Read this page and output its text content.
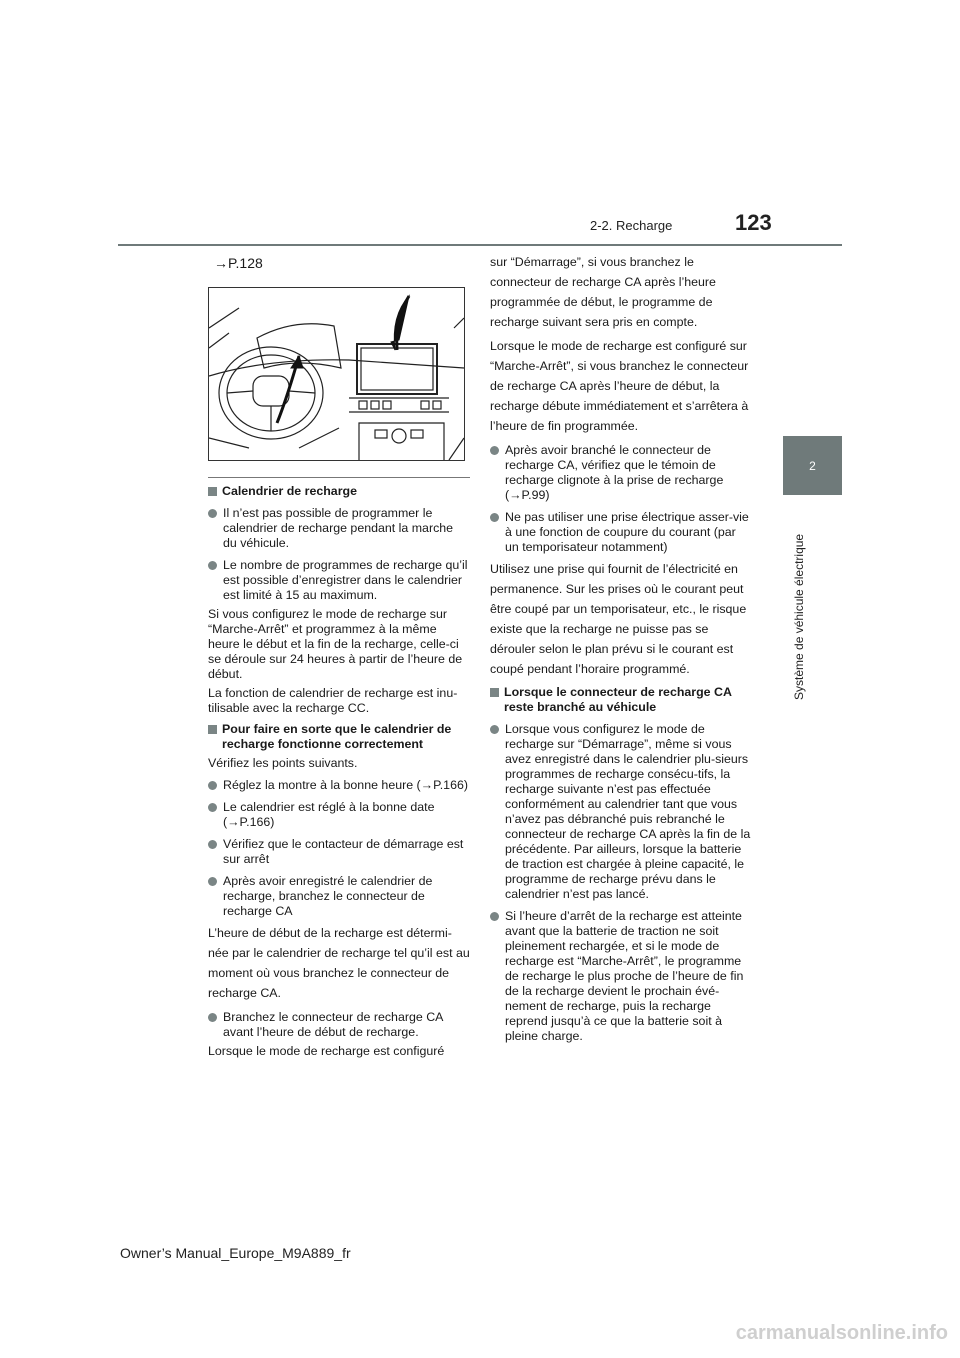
2-2. Recharge	123
2
Système de véhicule électrique
→P.128
Calendrier de recharge
Il n’est pas possible de programmer le calendrier de recharge pendant la marche du véhicule.
Le nombre de programmes de recharge qu’il est possible d’enregistrer dans le calendrier est limité à 15 au maximum.
Si vous configurez le mode de recharge sur “Marche-Arrêt” et programmez à la même heure le début et la fin de la recharge, celle-ci se déroule sur 24 heures à partir de l’heure de début.
La fonction de calendrier de recharge est inu-tilisable avec la recharge CC.
Pour faire en sorte que le calendrier de recharge fonctionne correctement
Vérifiez les points suivants.
Réglez la montre à la bonne heure (→P.166)
Le calendrier est réglé à la bonne date (→P.166)
Vérifiez que le contacteur de démarrage est sur arrêt
Après avoir enregistré le calendrier de recharge, branchez le connecteur de recharge CA
L’heure de début de la recharge est détermi-née par le calendrier de recharge tel qu’il est au moment où vous branchez le connecteur de recharge CA.
Branchez le connecteur de recharge CA avant l’heure de début de recharge.
Lorsque le mode de recharge est configuré
sur “Démarrage”, si vous branchez le connecteur de recharge CA après l’heure programmée de début, le programme de recharge suivant sera pris en compte.
Lorsque le mode de recharge est configuré sur “Marche-Arrêt”, si vous branchez le connecteur de recharge CA après l’heure de début, la recharge débute immédiatement et s’arrêtera à l’heure de fin programmée.
Après avoir branché le connecteur de recharge CA, vérifiez que le témoin de recharge clignote à la prise de recharge (→P.99)
Ne pas utiliser une prise électrique asser-vie à une fonction de coupure du courant (par un temporisateur notamment)
Utilisez une prise qui fournit de l’électricité en permanence. Sur les prises où le courant peut être coupé par un temporisateur, etc., le risque existe que la recharge ne puisse pas se dérouler selon le plan prévu si le courant est coupé pendant l’horaire programmé.
Lorsque le connecteur de recharge CA reste branché au véhicule
Lorsque vous configurez le mode de recharge sur “Démarrage”, même si vous avez enregistré dans le calendrier plu-sieurs programmes de recharge consécu-tifs, la recharge suivante n’est pas effectuée conformément au calendrier tant que vous n’avez pas débranché puis rebranché le connecteur de recharge CA après la fin de la précédente. Par ailleurs, lorsque la batterie de traction est chargée à pleine capacité, le programme de recharge prévu dans le calendrier n’est pas lancé.
Si l’heure d’arrêt de la recharge est atteinte avant que la batterie de traction ne soit pleinement rechargée, et si le mode de recharge est “Marche-Arrêt”, le programme de recharge le plus proche de l’heure de fin de la recharge devient le prochain évé-nement de recharge, puis la recharge reprend jusqu’à ce que la batterie soit à pleine charge.
Owner’s Manual_Europe_M9A889_fr
carmanualsonline.info
